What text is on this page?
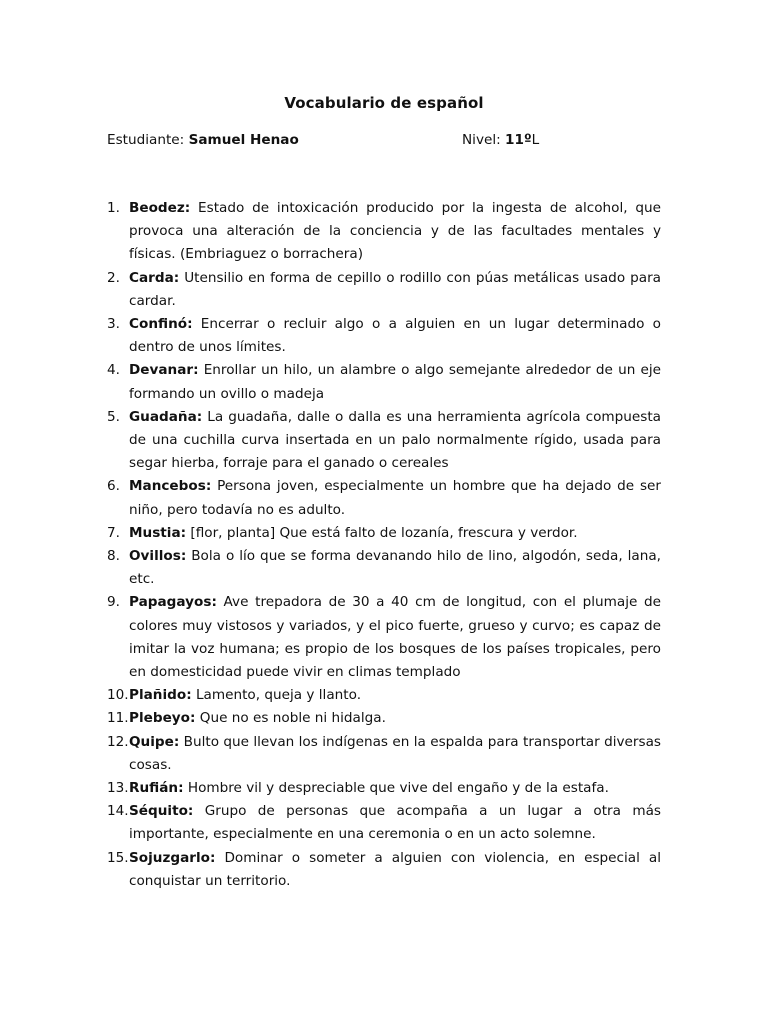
Vocabulario de español
Estudiante: Samuel Henao	Nivel: 11ºL
1. Beodez: Estado de intoxicación producido por la ingesta de alcohol, que provoca una alteración de la conciencia y de las facultades mentales y físicas. (Embriaguez o borrachera)
2. Carda: Utensilio en forma de cepillo o rodillo con púas metálicas usado para cardar.
3. Confinó: Encerrar o recluir algo o a alguien en un lugar determinado o dentro de unos límites.
4. Devanar: Enrollar un hilo, un alambre o algo semejante alrededor de un eje formando un ovillo o madeja
5. Guadaña: La guadaña, dalle o dalla es una herramienta agrícola compuesta de una cuchilla curva insertada en un palo normalmente rígido, usada para segar hierba, forraje para el ganado o cereales
6. Mancebos: Persona joven, especialmente un hombre que ha dejado de ser niño, pero todavía no es adulto.
7. Mustia: [flor, planta] Que está falto de lozanía, frescura y verdor.
8. Ovillos: Bola o lío que se forma devanando hilo de lino, algodón, seda, lana, etc.
9. Papagayos: Ave trepadora de 30 a 40 cm de longitud, con el plumaje de colores muy vistosos y variados, y el pico fuerte, grueso y curvo; es capaz de imitar la voz humana; es propio de los bosques de los países tropicales, pero en domesticidad puede vivir en climas templado
10. Plañido: Lamento, queja y llanto.
11. Plebeyo: Que no es noble ni hidalga.
12. Quipe: Bulto que llevan los indígenas en la espalda para transportar diversas cosas.
13. Rufián: Hombre vil y despreciable que vive del engaño y de la estafa.
14. Séquito: Grupo de personas que acompaña a un lugar a otra más importante, especialmente en una ceremonia o en un acto solemne.
15. Sojuzgarlo: Dominar o someter a alguien con violencia, en especial al conquistar un territorio.
